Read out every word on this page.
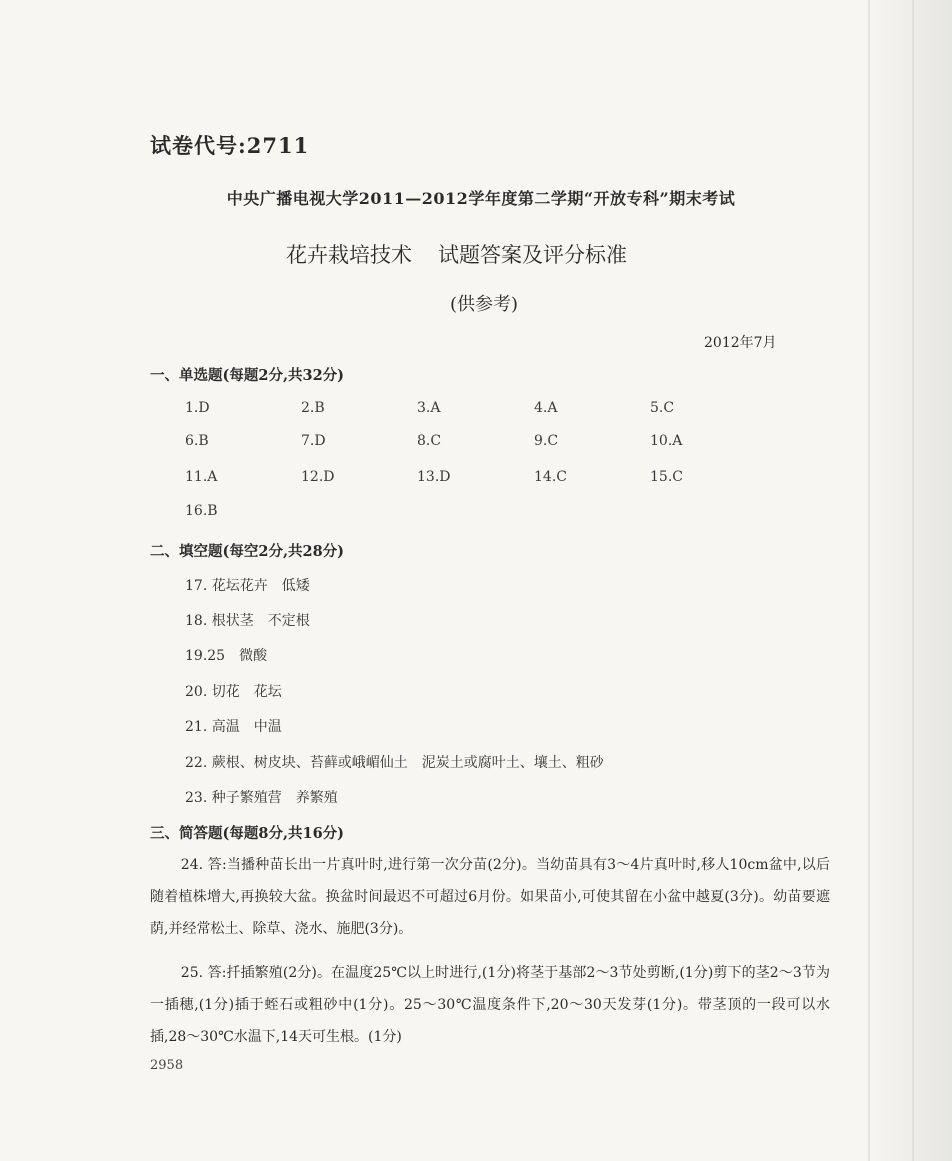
试卷代号:2711
中央广播电视大学2011—2012学年度第二学期“开放专科”期末考试
花卉栽培技术 试题答案及评分标准
(供参考)
2012年7月
一、单选题(每题2分,共32分)
1.D	2.B	3.A	4.A	5.C
6.B	7.D	8.C	9.C	10.A
11.A	12.D	13.D	14.C	15.C
16.B
二、填空题(每空2分,共28分)
17. 花坛花卉　低矮
18. 根状茎　不定根
19.25　微酸
20. 切花　花坛
21. 高温　中温
22. 蕨根、树皮块、苔藓或峨嵋仙土　泥炭土或腐叶土、壤土、粗砂
23. 种子繁殖营　养繁殖
三、简答题(每题8分,共16分)

24. 答:当播种苗长出一片真叶时,进行第一次分苗(2分)。当幼苗具有3～4片真叶时,移人10cm盆中,以后随着植株增大,再换较大盆。换盆时间最迟不可超过6月份。如果苗小,可使其留在小盆中越夏(3分)。幼苗要遮荫,并经常松土、除草、浇水、施肥(3分)。

25. 答:扦插繁殖(2分)。在温度25℃以上时进行,(1分)将茎于基部2～3节处剪断,(1分)剪下的茎2～3节为一插穗,(1分)插于蛭石或粗砂中(1分)。25～30℃温度条件下,20～30天发芽(1分)。带茎顶的一段可以水插,28～30℃水温下,14天可生根。(1分)

2958
